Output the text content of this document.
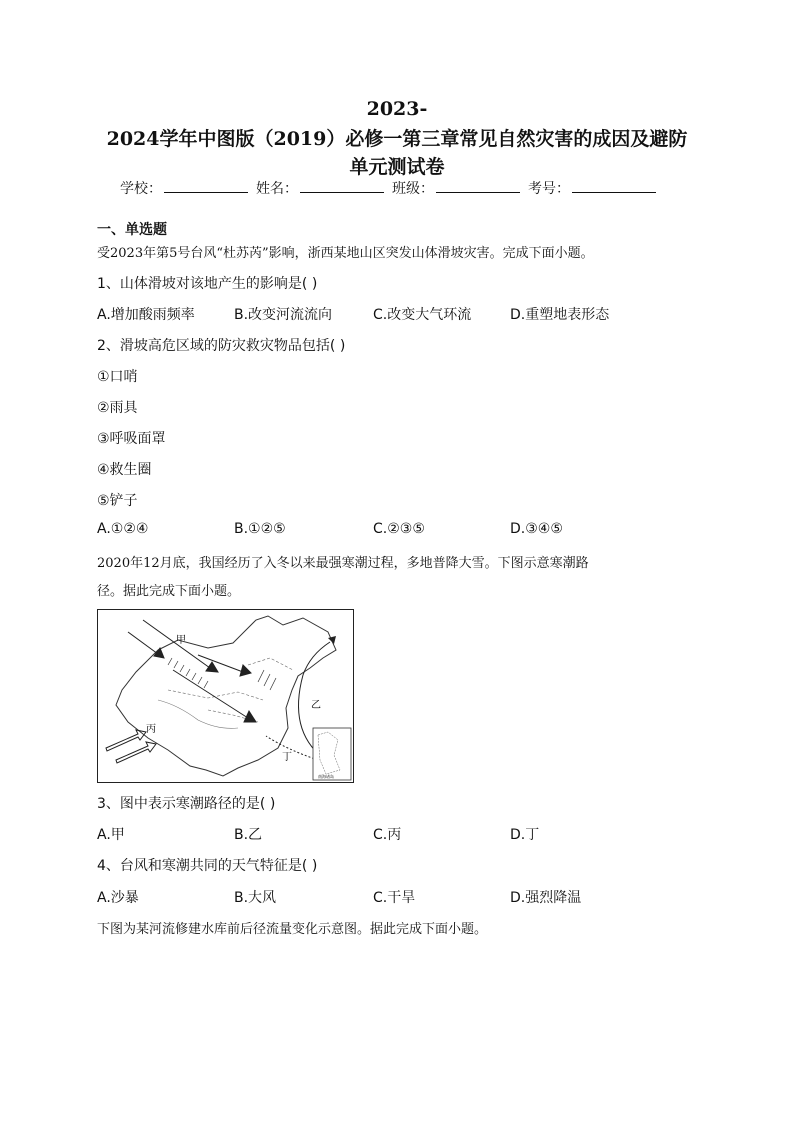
2023-
2024学年中图版（2019）必修一第三章常见自然灾害的成因及避防
单元测试卷
学校：	姓名：	班级：	考号：
一、单选题
受2023年第5号台风“杜苏芮”影响，浙西某地山区突发山体滑坡灾害。完成下面小题。
1、山体滑坡对该地产生的影响是( )
A.增加酸雨频率	B.改变河流流向	C.改变大气环流	D.重塑地表形态
2、滑坡高危区域的防灾救灾物品包括( )
①口哨
②雨具
③呼吸面罩
④救生圈
⑤铲子
A.①②④	B.①②⑤	C.②③⑤	D.③④⑤
2020年12月底，我国经历了入冬以来最强寒潮过程，多地普降大雪。下图示意寒潮路
径。据此完成下面小题。
甲
乙
丙
丁
南海诸岛
3、图中表示寒潮路径的是( )
A.甲	B.乙	C.丙	D.丁
4、台风和寒潮共同的天气特征是( )
A.沙暴	B.大风	C.干旱	D.强烈降温
下图为某河流修建水库前后径流量变化示意图。据此完成下面小题。
